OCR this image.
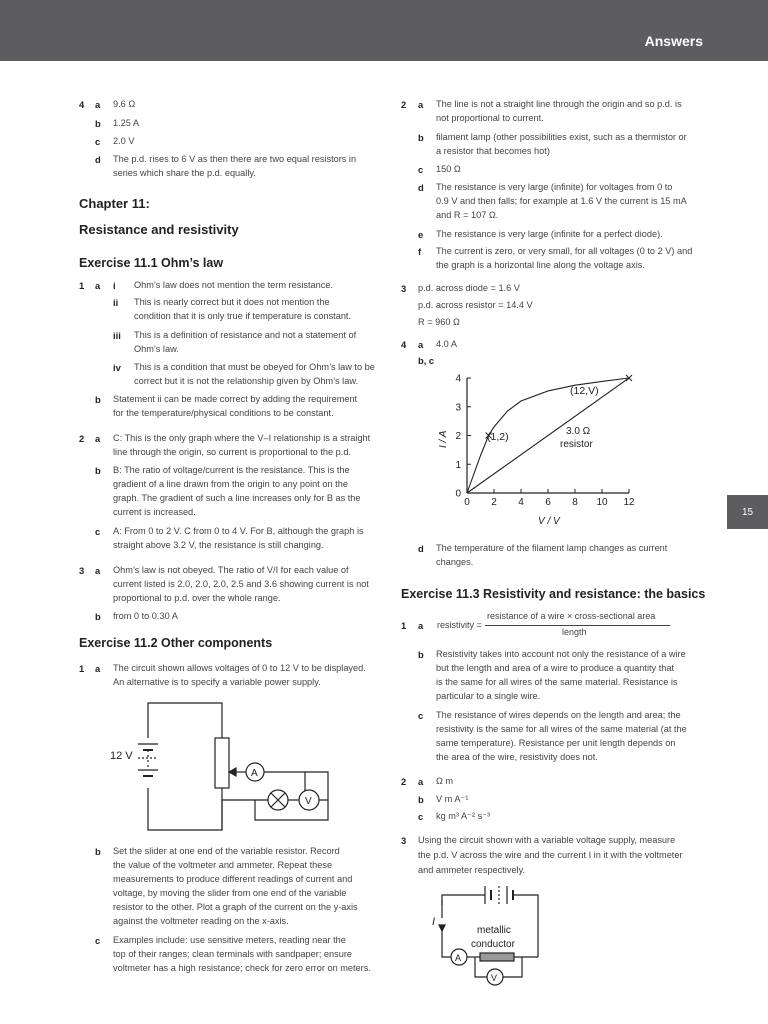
Answers
15
4 a 9.6 Ω
b 1.25 A
c 2.0 V
d The p.d. rises to 6 V as then there are two equal resistors in
series which share the p.d. equally.
Chapter 11:
Resistance and resistivity
Exercise 11.1 Ohm’s law
1 a i Ohm’s law does not mention the term resistance.
ii This is nearly correct but it does not mention the
condition that it is only true if temperature is constant.
iii This is a definition of resistance and not a statement of
Ohm’s law.
iv This is a condition that must be obeyed for Ohm’s law to be
correct but it is not the relationship given by Ohm’s law.
b Statement ii can be made correct by adding the requirement
for the temperature/physical conditions to be constant.
2 a C: This is the only graph where the V–I relationship is a straight
line through the origin, so current is proportional to the p.d.
b B: The ratio of voltage/current is the resistance. This is the
gradient of a line drawn from the origin to any point on the
graph. The gradient of such a line increases only for B as the
current is increased.
c A: From 0 to 2 V. C from 0 to 4 V. For B, although the graph is
straight above 3.2 V, the resistance is still changing.
3 a Ohm’s law is not obeyed. The ratio of V/I for each value of
current listed is 2.0, 2.0, 2.0, 2.5 and 3.6 showing current is not
proportional to p.d. over the whole range.
b from 0 to 0.30 A
Exercise 11.2 Other components
1 a The circuit shown allows voltages of 0 to 12 V to be displayed.
An alternative is to specify a variable power supply.
12 V
A
V
b Set the slider at one end of the variable resistor. Record
the value of the voltmeter and ammeter. Repeat these
measurements to produce different readings of current and
voltage, by moving the slider from one end of the variable
resistor to the other. Plot a graph of the current on the y-axis
against the voltmeter reading on the x-axis.
c Examples include: use sensitive meters, reading near the
top of their ranges; clean terminals with sandpaper; ensure
voltmeter has a high resistance; check for zero error on meters.
2 a The line is not a straight line through the origin and so p.d. is
not proportional to current.
b filament lamp (other possibilities exist, such as a thermistor or
a resistor that becomes hot)
c 150 Ω
d The resistance is very large (infinite) for voltages from 0 to
0.9 V and then falls; for example at 1.6 V the current is 15 mA
and R = 107 Ω.
e The resistance is very large (infinite for a perfect diode).
f The current is zero, or very small, for all voltages (0 to 2 V) and
the graph is a horizontal line along the voltage axis.
3 p.d. across diode = 1.6 V
p.d. across resistor = 14.4 V
R = 960 Ω
4 a 4.0 A
b, c
0 2 4 6 8 10 12
0
1
2
3
4
(12,V)
(1,2)	3.0 Ω
resistor
V / V
I / A
d The temperature of the filament lamp changes as current
changes.
Exercise 11.3 Resistivity and resistance: the basics
1 a resistivity =
resistance of a wire × cross-sectional area
length
b Resistivity takes into account not only the resistance of a wire
but the length and area of a wire to produce a quantity that
is the same for all wires of the same material. Resistance is
particular to a single wire.
c The resistance of wires depends on the length and area; the
resistivity is the same for all wires of the same material (at the
same temperature). Resistance per unit length depends on
the area of the wire, resistivity does not.
2 a Ω m
b V m A⁻¹
c kg m³ A⁻² s⁻³
3 Using the circuit shown with a variable voltage supply, measure
the p.d. V across the wire and the current I in it with the voltmeter
and ammeter respectively.
I
metallic
conductor
A
V
